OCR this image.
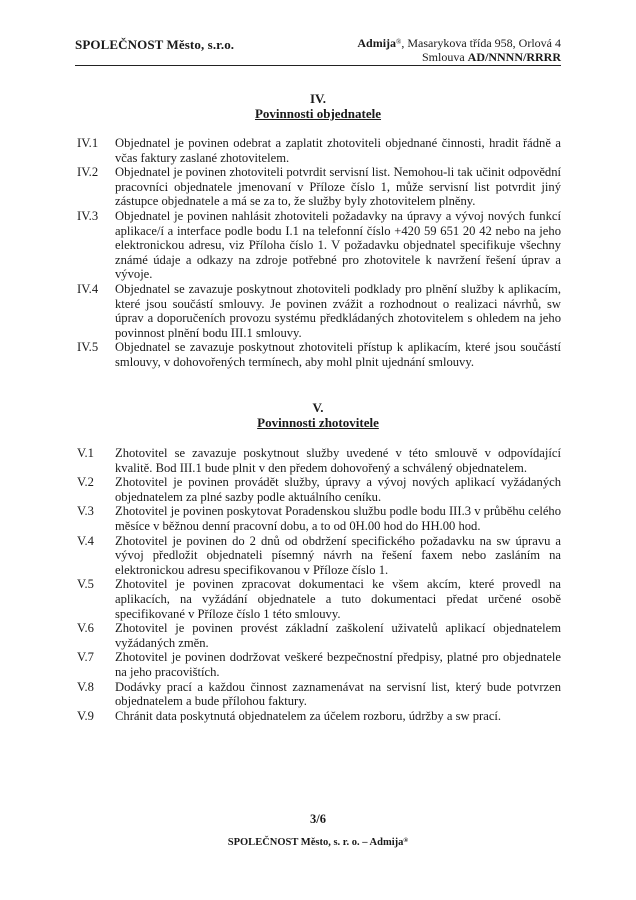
SPOLEČNOST Město, s.r.o.	Admija®, Masarykova třída 958, Orlová 4
Smlouva AD/NNNN/RRRR
IV.
Povinnosti objednatele
IV.1	Objednatel je povinen odebrat a zaplatit zhotoviteli objednané činnosti, hradit řádně a včas faktury zaslané zhotovitelem.
IV.2	Objednatel je povinen zhotoviteli potvrdit servisní list. Nemohou-li tak učinit odpovědní pracovníci objednatele jmenovaní v Příloze číslo 1, může servisní list potvrdit jiný zástupce objednatele a má se za to, že služby byly zhotovitelem plněny.
IV.3	Objednatel je povinen nahlásit zhotoviteli požadavky na úpravy a vývoj nových funkcí aplikace/í a interface podle bodu I.1 na telefonní číslo +420 59 651 20 42 nebo na jeho elektronickou adresu, viz Příloha číslo 1. V požadavku objednatel specifikuje všechny známé údaje a odkazy na zdroje potřebné pro zhotovitele k navržení řešení úprav a vývoje.
IV.4	Objednatel se zavazuje poskytnout zhotoviteli podklady pro plnění služby k aplikacím, které jsou součástí smlouvy. Je povinen zvážit a rozhodnout o realizaci návrhů, sw úprav a doporučeních provozu systému předkládaných zhotovitelem s ohledem na jeho povinnost plnění bodu III.1 smlouvy.
IV.5	Objednatel se zavazuje poskytnout zhotoviteli přístup k aplikacím, které jsou součástí smlouvy, v dohovořených termínech, aby mohl plnit ujednání smlouvy.
V.
Povinnosti zhotovitele
V.1	Zhotovitel se zavazuje poskytnout služby uvedené v této smlouvě v odpovídající kvalitě. Bod III.1 bude plnit v den předem dohovořený a schválený objednatelem.
V.2	Zhotovitel je povinen provádět služby, úpravy a vývoj nových aplikací vyžádaných objednatelem za plné sazby podle aktuálního ceníku.
V.3	Zhotovitel je povinen poskytovat Poradenskou službu podle bodu III.3 v průběhu celého měsíce v běžnou denní pracovní dobu, a to od 0H.00 hod do HH.00 hod.
V.4	Zhotovitel je povinen do 2 dnů od obdržení specifického požadavku na sw úpravu a vývoj předložit objednateli písemný návrh na řešení faxem nebo zasláním na elektronickou adresu specifikovanou v Příloze číslo 1.
V.5	Zhotovitel je povinen zpracovat dokumentaci ke všem akcím, které provedl na aplikacích, na vyžádání objednatele a tuto dokumentaci předat určené osobě specifikované v Příloze číslo 1 této smlouvy.
V.6	Zhotovitel je povinen provést základní zaškolení uživatelů aplikací objednatelem vyžádaných změn.
V.7	Zhotovitel je povinen dodržovat veškeré bezpečnostní předpisy, platné pro objednatele na jeho pracovištích.
V.8	Dodávky prací a každou činnost zaznamenávat na servisní list, který bude potvrzen objednatelem a bude přílohou faktury.
V.9	Chránit data poskytnutá objednatelem za účelem rozboru, údržby a sw prací.
3/6
SPOLEČNOST Město, s. r. o. – Admija®
